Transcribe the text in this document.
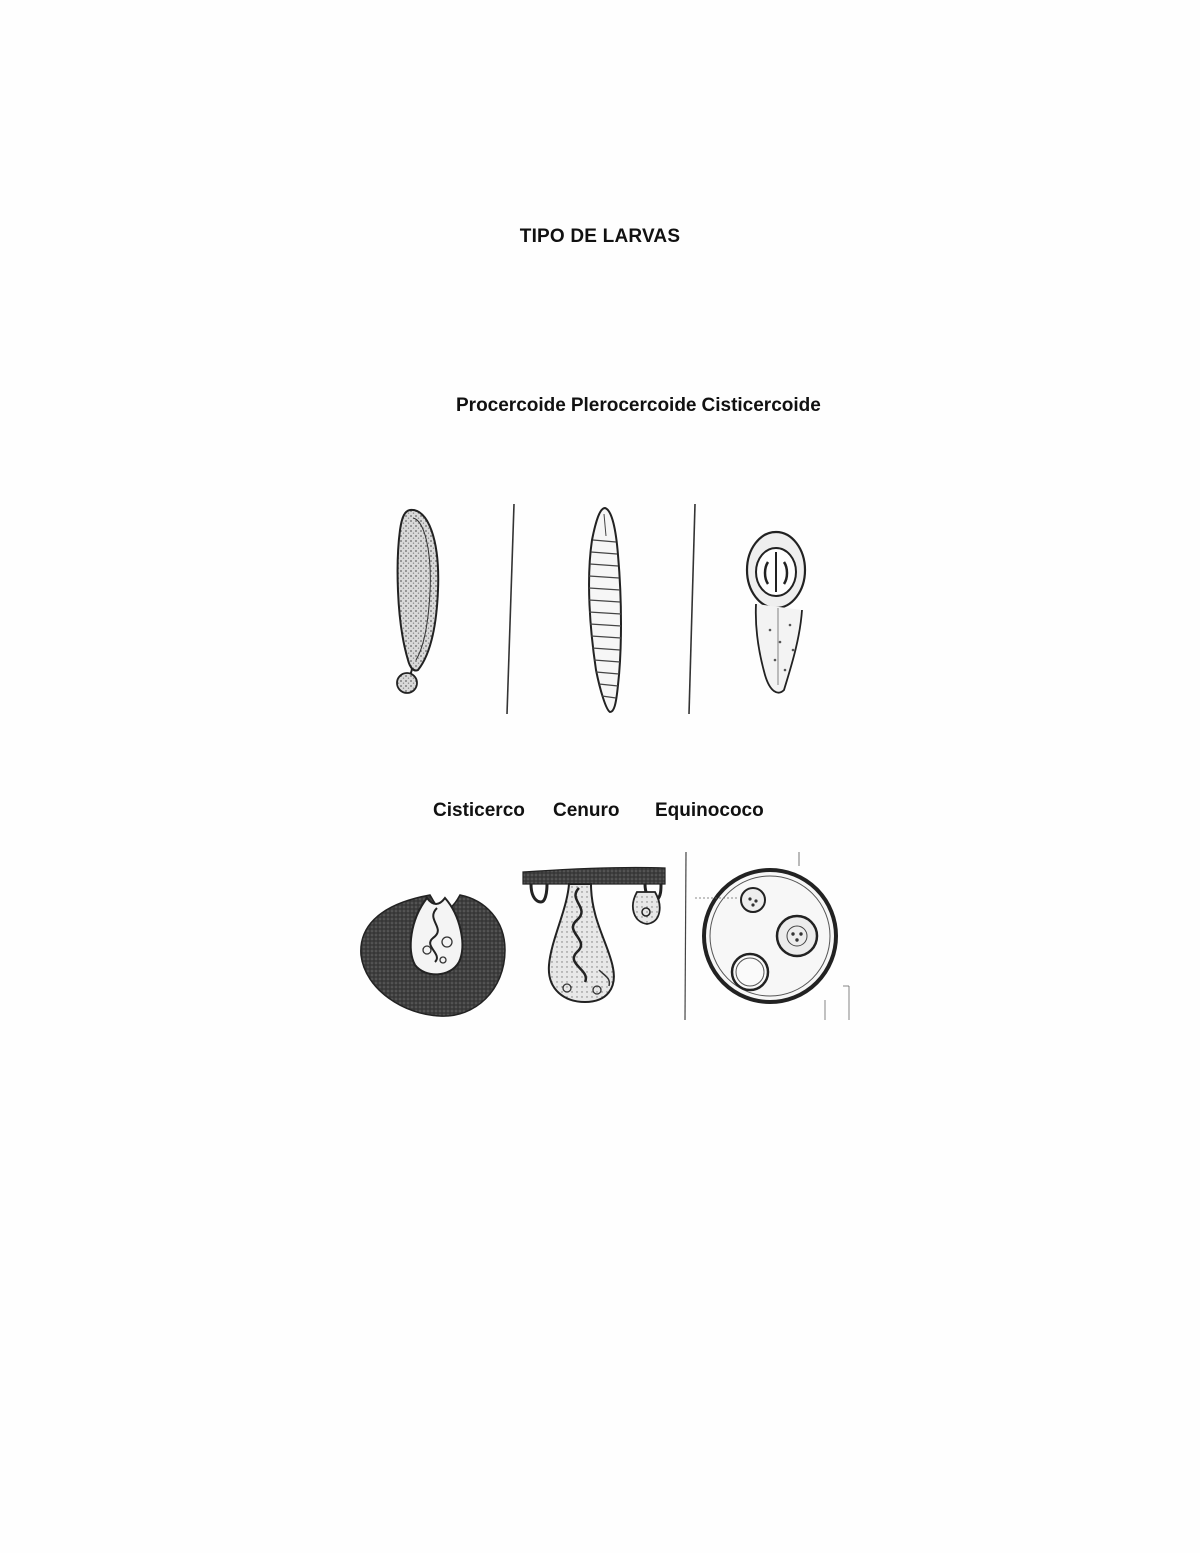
TIPO DE LARVAS
Procercoide Plerocercoide Cisticercoide
Cisticerco Cenuro Equinococo
